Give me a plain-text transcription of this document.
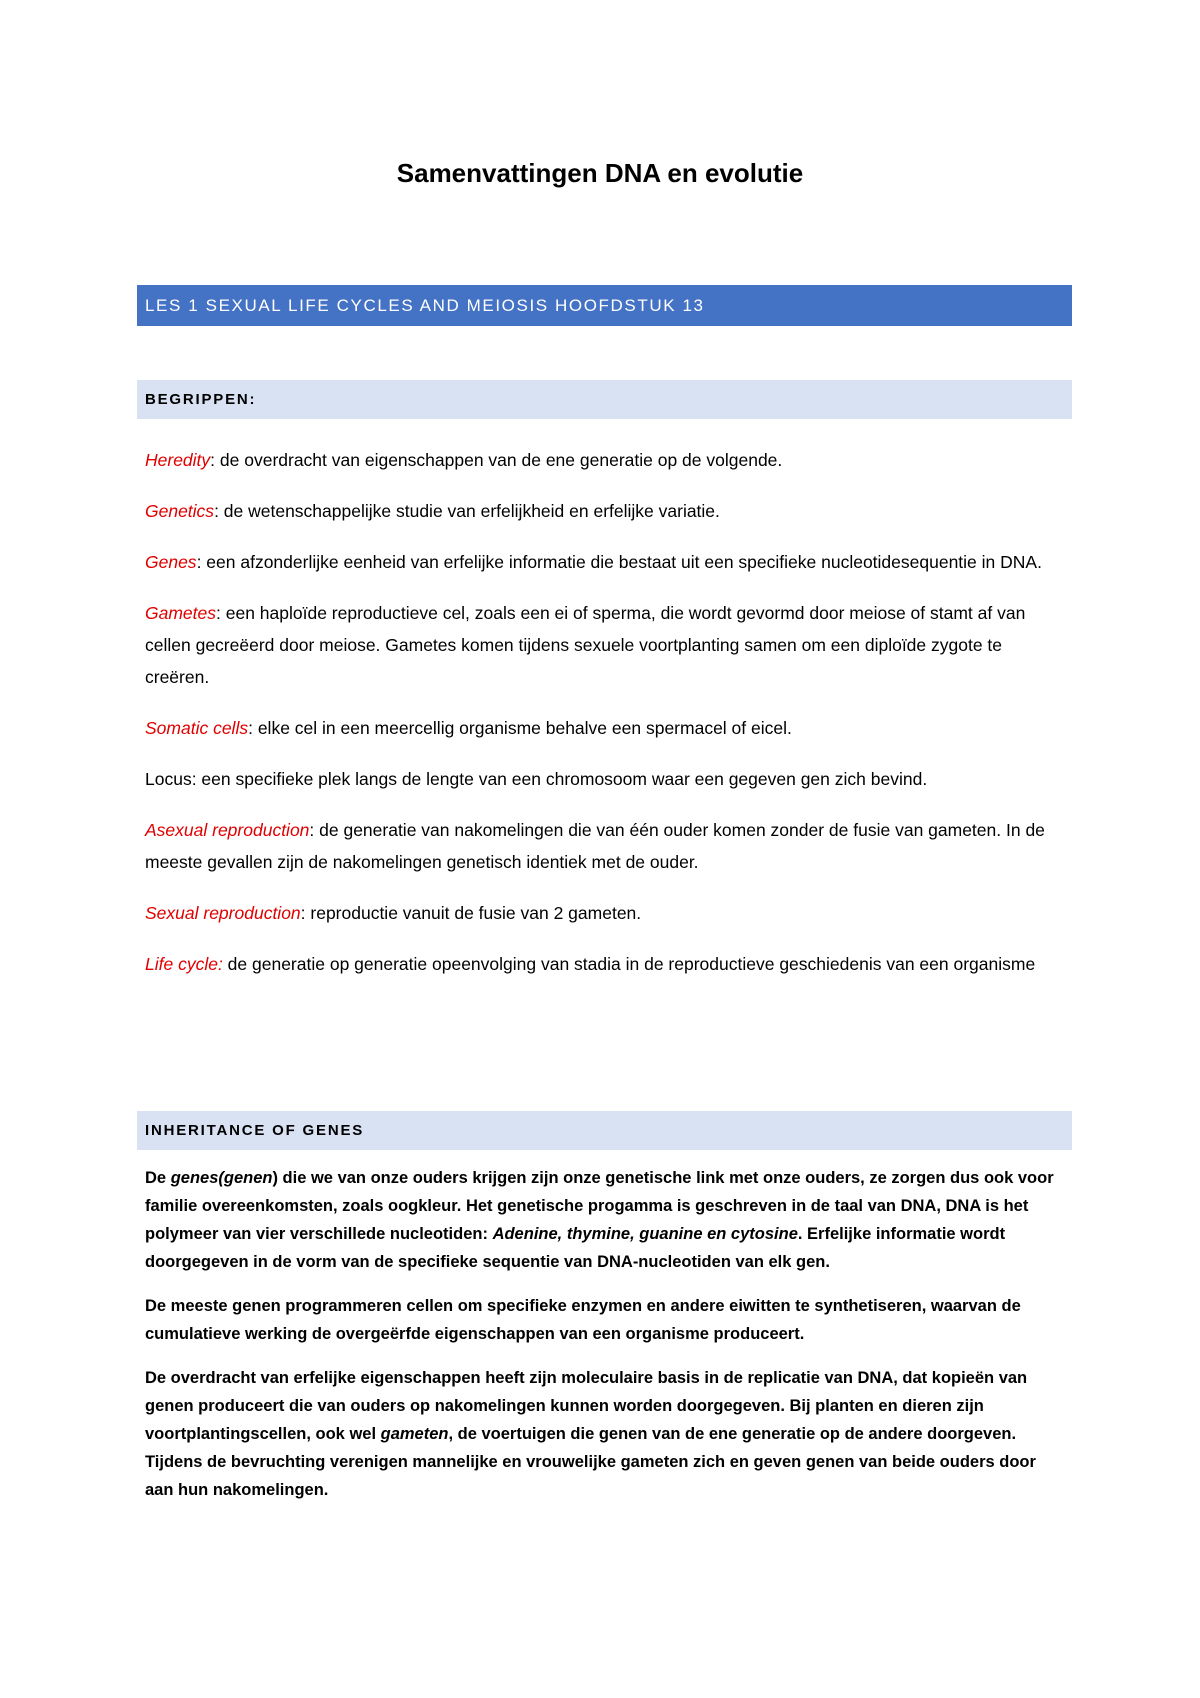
Samenvattingen DNA en evolutie
LES 1 SEXUAL LIFE CYCLES AND MEIOSIS HOOFDSTUK 13
BEGRIPPEN:

Heredity: de overdracht van eigenschappen van de ene generatie op de volgende.

Genetics: de wetenschappelijke studie van erfelijkheid en erfelijke variatie.

Genes: een afzonderlijke eenheid van erfelijke informatie die bestaat uit een specifieke nucleotidesequentie in DNA.

Gametes: een haploïde reproductieve cel, zoals een ei of sperma, die wordt gevormd door meiose of stamt af van cellen gecreëerd door meiose. Gametes komen tijdens sexuele voortplanting samen om een diploïde zygote te creëren.

Somatic cells: elke cel in een meercellig organisme behalve een spermacel of eicel.

Locus: een specifieke plek langs de lengte van een chromosoom waar een gegeven gen zich bevind.

Asexual reproduction: de generatie van nakomelingen die van één ouder komen zonder de fusie van gameten. In de meeste gevallen zijn de nakomelingen genetisch identiek met de ouder.

Sexual reproduction: reproductie vanuit de fusie van 2 gameten.

Life cycle: de generatie op generatie opeenvolging van stadia in de reproductieve geschiedenis van een organisme

INHERITANCE OF GENES

De genes(genen) die we van onze ouders krijgen zijn onze genetische link met onze ouders, ze zorgen dus ook voor familie overeenkomsten, zoals oogkleur. Het genetische progamma is geschreven in de taal van DNA, DNA is het polymeer van vier verschillede nucleotiden: Adenine, thymine, guanine en cytosine. Erfelijke informatie wordt doorgegeven in de vorm van de specifieke sequentie van DNA-nucleotiden van elk gen.

De meeste genen programmeren cellen om specifieke enzymen en andere eiwitten te synthetiseren, waarvan de cumulatieve werking de overgeërfde eigenschappen van een organisme produceert.

De overdracht van erfelijke eigenschappen heeft zijn moleculaire basis in de replicatie van DNA, dat kopieën van genen produceert die van ouders op nakomelingen kunnen worden doorgegeven. Bij planten en dieren zijn voortplantingscellen, ook wel gameten, de voertuigen die genen van de ene generatie op de andere doorgeven. Tijdens de bevruchting verenigen mannelijke en vrouwelijke gameten zich en geven genen van beide ouders door aan hun nakomelingen.
